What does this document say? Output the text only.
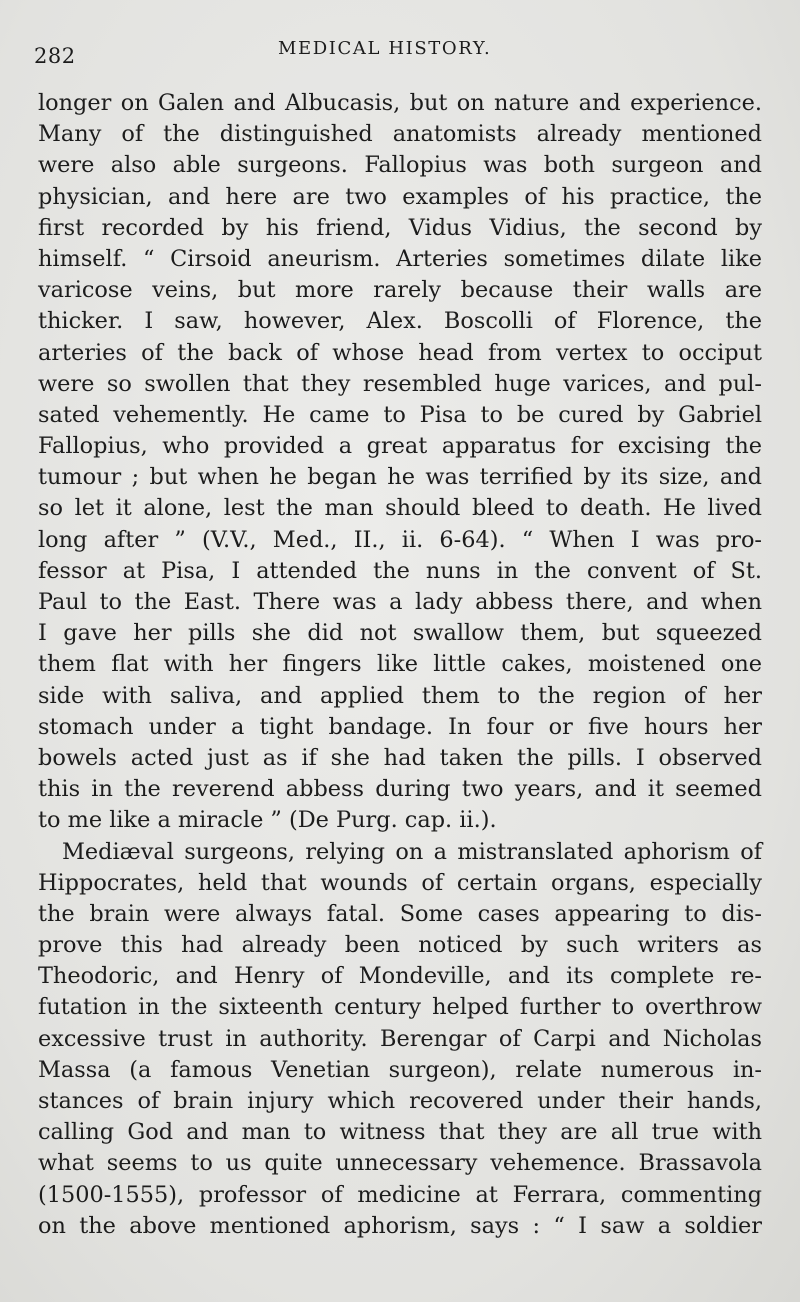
282	MEDICAL HISTORY.
longer on Galen and Albucasis, but on nature and experience.
Many of the distinguished anatomists already mentioned
were also able surgeons. Fallopius was both surgeon and
physician, and here are two examples of his practice, the
first recorded by his friend, Vidus Vidius, the second by
himself. “ Cirsoid aneurism. Arteries sometimes dilate like
varicose veins, but more rarely because their walls are
thicker. I saw, however, Alex. Boscolli of Florence, the
arteries of the back of whose head from vertex to occiput
were so swollen that they resembled huge varices, and pul-
sated vehemently. He came to Pisa to be cured by Gabriel
Fallopius, who provided a great apparatus for excising the
tumour ; but when he began he was terrified by its size, and
so let it alone, lest the man should bleed to death. He lived
long after ” (V.V., Med., II., ii. 6-64). “ When I was pro-
fessor at Pisa, I attended the nuns in the convent of St.
Paul to the East. There was a lady abbess there, and when
I gave her pills she did not swallow them, but squeezed
them flat with her fingers like little cakes, moistened one
side with saliva, and applied them to the region of her
stomach under a tight bandage. In four or five hours her
bowels acted just as if she had taken the pills. I observed
this in the reverend abbess during two years, and it seemed
to me like a miracle ” (De Purg. cap. ii.).
Mediæval surgeons, relying on a mistranslated aphorism of
Hippocrates, held that wounds of certain organs, especially
the brain were always fatal. Some cases appearing to dis-
prove this had already been noticed by such writers as
Theodoric, and Henry of Mondeville, and its complete re-
futation in the sixteenth century helped further to overthrow
excessive trust in authority. Berengar of Carpi and Nicholas
Massa (a famous Venetian surgeon), relate numerous in-
stances of brain injury which recovered under their hands,
calling God and man to witness that they are all true with
what seems to us quite unnecessary vehemence. Brassavola
(1500-1555), professor of medicine at Ferrara, commenting
on the above mentioned aphorism, says : “ I saw a soldier
